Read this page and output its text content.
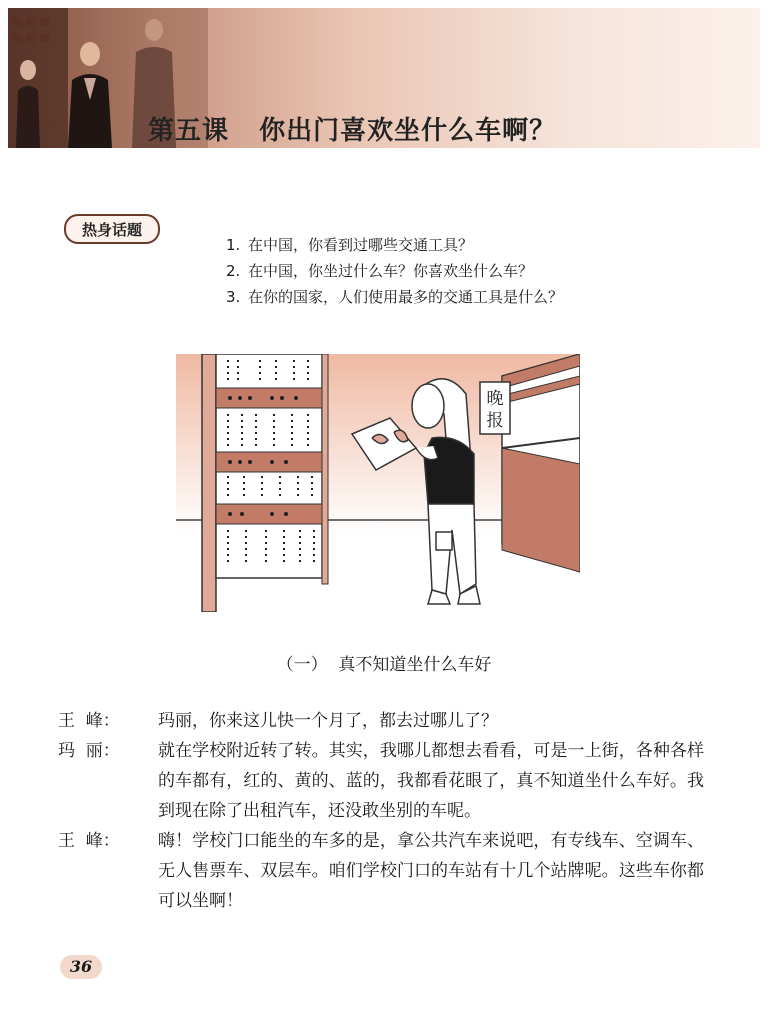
第五课   你出门喜欢坐什么车啊？
热身话题
1. 在中国，你看到过哪些交通工具？
2. 在中国，你坐过什么车？你喜欢坐什么车？
3. 在你的国家，人们使用最多的交通工具是什么？
晚
报
（一）  真不知道坐什么车好
王  峰：	玛丽，你来这儿快一个月了，都去过哪儿了？
玛  丽：	就在学校附近转了转。其实，我哪儿都想去看看，可是一上街，各种各样的车都有，红的、黄的、蓝的，我都看花眼了，真不知道坐什么车好。我到现在除了出租汽车，还没敢坐别的车呢。
王  峰：	嗨！学校门口能坐的车多的是，拿公共汽车来说吧，有专线车、空调车、无人售票车、双层车。咱们学校门口的车站有十几个站牌呢。这些车你都可以坐啊！
36
